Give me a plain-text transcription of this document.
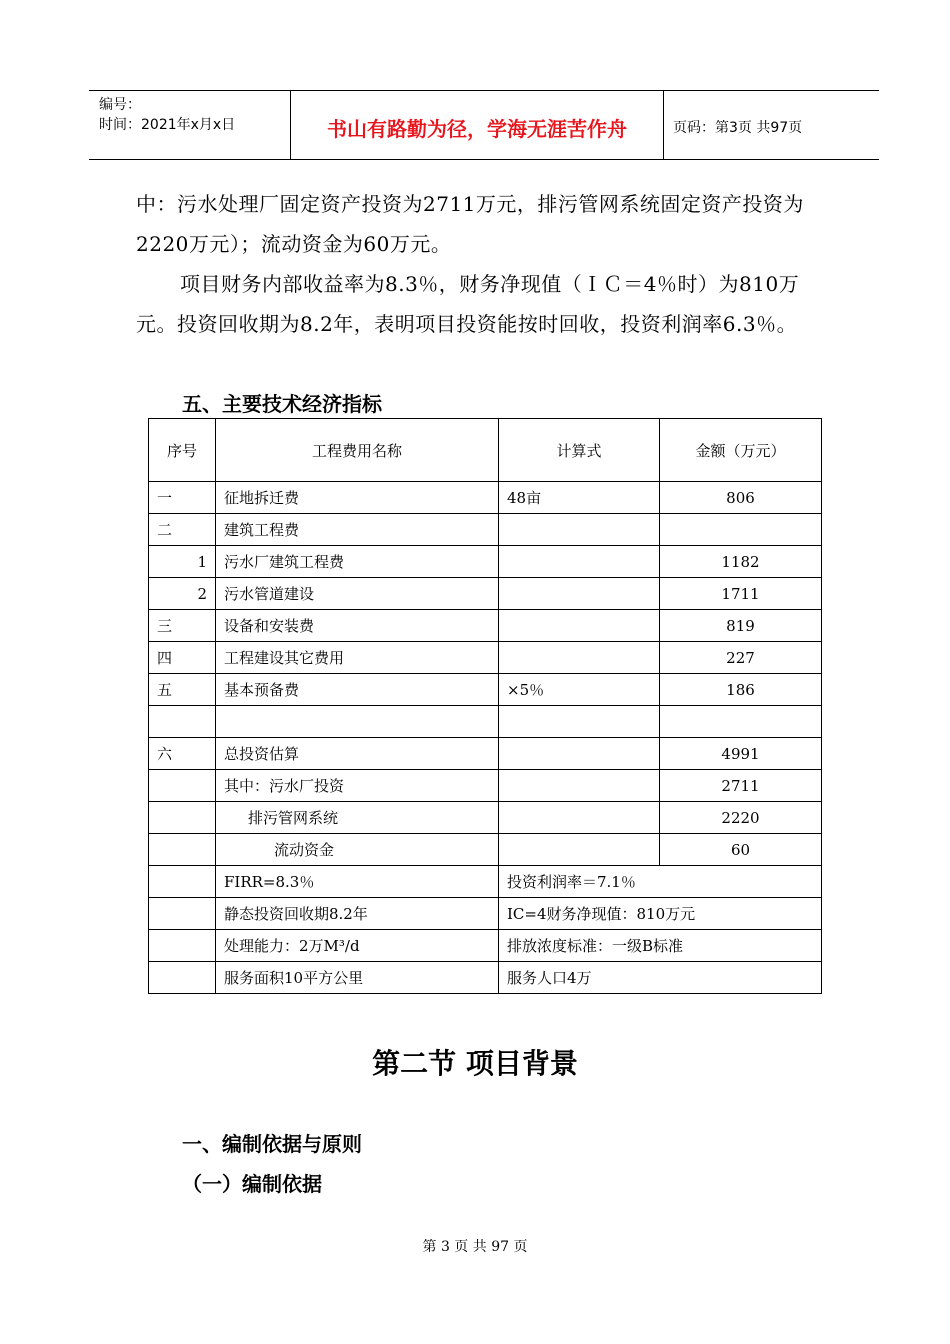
编号：
时间：2021年x月x日	书山有路勤为径，学海无涯苦作舟	页码：第3页 共97页
中：污水处理厂固定资产投资为2711万元，排污管网系统固定资产投资为2220万元）；流动资金为60万元。
项目财务内部收益率为8.3％，财务净现值（ＩＣ＝4％时）为810万元。投资回收期为8.2年，表明项目投资能按时回收，投资利润率6.3％。
五、主要技术经济指标
序号	工程费用名称	计算式	金额（万元）
一	征地拆迁费	48亩	806
二	建筑工程费		
1	污水厂建筑工程费		1182
2	污水管道建设		1711
三	设备和安装费		819
四	工程建设其它费用		227
五	基本预备费	×5％	186

六	总投资估算		4991
	其中：污水厂投资		2711
	排污管网系统		2220
	流动资金		60
	FIRR=8.3％	投资利润率＝7.1％	
	静态投资回收期8.2年	IC=4财务净现值：810万元	
	处理能力：2万M³/d	排放浓度标准：一级B标准	
	服务面积10平方公里	服务人口4万	
第二节 项目背景
一、编制依据与原则
（一）编制依据
第 3 页 共 97 页
